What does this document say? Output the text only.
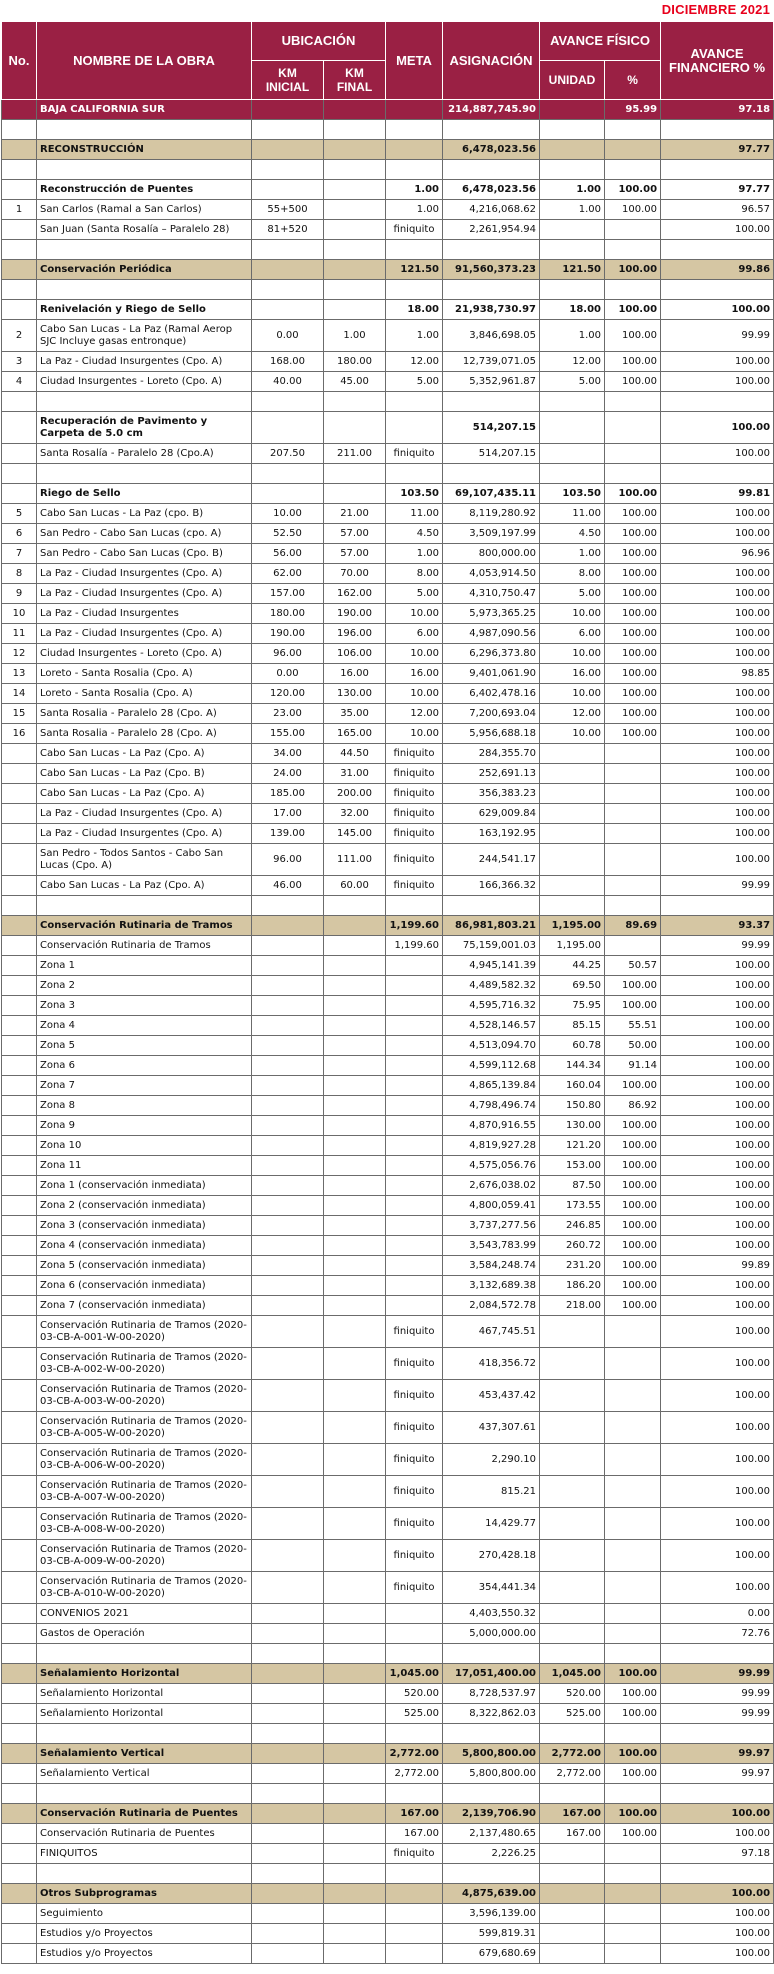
DICIEMBRE 2021
No.	NOMBRE DE LA OBRA	UBICACIÓN		META	ASIGNACIÓN	AVANCE FÍSICO		AVANCE FINANCIERO %
		KM INICIAL	KM FINAL			UNIDAD	%	
	BAJA CALIFORNIA SUR				214,887,745.90		95.99	97.18

	RECONSTRUCCIÓN				6,478,023.56			97.77

	Reconstrucción de Puentes			1.00	6,478,023.56	1.00	100.00	97.77
1	San Carlos (Ramal a San Carlos)	55+500		1.00	4,216,068.62	1.00	100.00	96.57
	San Juan (Santa Rosalía – Paralelo 28)	81+520		finiquito	2,261,954.94			100.00

	Conservación Periódica			121.50	91,560,373.23	121.50	100.00	99.86

	Renivelación y Riego de Sello			18.00	21,938,730.97	18.00	100.00	100.00
2	Cabo San Lucas - La Paz (Ramal Aerop SJC Incluye gasas entronque)	0.00	1.00	1.00	3,846,698.05	1.00	100.00	99.99
3	La Paz - Ciudad Insurgentes (Cpo. A)	168.00	180.00	12.00	12,739,071.05	12.00	100.00	100.00
4	Ciudad Insurgentes - Loreto (Cpo. A)	40.00	45.00	5.00	5,352,961.87	5.00	100.00	100.00

	Recuperación de Pavimento y Carpeta de 5.0 cm				514,207.15			100.00
	Santa Rosalía - Paralelo 28 (Cpo.A)	207.50	211.00	finiquito	514,207.15			100.00

	Riego de Sello			103.50	69,107,435.11	103.50	100.00	99.81
5	Cabo San Lucas - La Paz (cpo. B)	10.00	21.00	11.00	8,119,280.92	11.00	100.00	100.00
6	San Pedro - Cabo San Lucas (cpo. A)	52.50	57.00	4.50	3,509,197.99	4.50	100.00	100.00
7	San Pedro - Cabo San Lucas (Cpo. B)	56.00	57.00	1.00	800,000.00	1.00	100.00	96.96
8	La Paz - Ciudad Insurgentes (Cpo. A)	62.00	70.00	8.00	4,053,914.50	8.00	100.00	100.00
9	La Paz - Ciudad Insurgentes (Cpo. A)	157.00	162.00	5.00	4,310,750.47	5.00	100.00	100.00
10	La Paz - Ciudad Insurgentes	180.00	190.00	10.00	5,973,365.25	10.00	100.00	100.00
11	La Paz - Ciudad Insurgentes (Cpo. A)	190.00	196.00	6.00	4,987,090.56	6.00	100.00	100.00
12	Ciudad Insurgentes - Loreto (Cpo. A)	96.00	106.00	10.00	6,296,373.80	10.00	100.00	100.00
13	Loreto - Santa Rosalia (Cpo. A)	0.00	16.00	16.00	9,401,061.90	16.00	100.00	98.85
14	Loreto - Santa Rosalia (Cpo. A)	120.00	130.00	10.00	6,402,478.16	10.00	100.00	100.00
15	Santa Rosalia - Paralelo 28 (Cpo. A)	23.00	35.00	12.00	7,200,693.04	12.00	100.00	100.00
16	Santa Rosalia - Paralelo 28 (Cpo. A)	155.00	165.00	10.00	5,956,688.18	10.00	100.00	100.00
	Cabo San Lucas - La Paz (Cpo. A)	34.00	44.50	finiquito	284,355.70			100.00
	Cabo San Lucas - La Paz (Cpo. B)	24.00	31.00	finiquito	252,691.13			100.00
	Cabo San Lucas - La Paz (Cpo. A)	185.00	200.00	finiquito	356,383.23			100.00
	La Paz - Ciudad Insurgentes (Cpo. A)	17.00	32.00	finiquito	629,009.84			100.00
	La Paz - Ciudad Insurgentes (Cpo. A)	139.00	145.00	finiquito	163,192.95			100.00
	San Pedro - Todos Santos - Cabo San Lucas (Cpo. A)	96.00	111.00	finiquito	244,541.17			100.00
	Cabo San Lucas - La Paz (Cpo. A)	46.00	60.00	finiquito	166,366.32			99.99

	Conservación Rutinaria de Tramos			1,199.60	86,981,803.21	1,195.00	89.69	93.37
	Conservación Rutinaria de Tramos			1,199.60	75,159,001.03	1,195.00		99.99
	Zona 1				4,945,141.39	44.25	50.57	100.00
	Zona 2				4,489,582.32	69.50	100.00	100.00
	Zona 3				4,595,716.32	75.95	100.00	100.00
	Zona 4				4,528,146.57	85.15	55.51	100.00
	Zona 5				4,513,094.70	60.78	50.00	100.00
	Zona 6				4,599,112.68	144.34	91.14	100.00
	Zona 7				4,865,139.84	160.04	100.00	100.00
	Zona 8				4,798,496.74	150.80	86.92	100.00
	Zona 9				4,870,916.55	130.00	100.00	100.00
	Zona 10				4,819,927.28	121.20	100.00	100.00
	Zona 11				4,575,056.76	153.00	100.00	100.00
	Zona 1 (conservación inmediata)				2,676,038.02	87.50	100.00	100.00
	Zona 2 (conservación inmediata)				4,800,059.41	173.55	100.00	100.00
	Zona 3 (conservación inmediata)				3,737,277.56	246.85	100.00	100.00
	Zona 4 (conservación inmediata)				3,543,783.99	260.72	100.00	100.00
	Zona 5 (conservación inmediata)				3,584,248.74	231.20	100.00	99.89
	Zona 6 (conservación inmediata)				3,132,689.38	186.20	100.00	100.00
	Zona 7 (conservación inmediata)				2,084,572.78	218.00	100.00	100.00
	Conservación Rutinaria de Tramos (2020-03-CB-A-001-W-00-2020)			finiquito	467,745.51			100.00
	Conservación Rutinaria de Tramos (2020-03-CB-A-002-W-00-2020)			finiquito	418,356.72			100.00
	Conservación Rutinaria de Tramos (2020-03-CB-A-003-W-00-2020)			finiquito	453,437.42			100.00
	Conservación Rutinaria de Tramos (2020-03-CB-A-005-W-00-2020)			finiquito	437,307.61			100.00
	Conservación Rutinaria de Tramos (2020-03-CB-A-006-W-00-2020)			finiquito	2,290.10			100.00
	Conservación Rutinaria de Tramos (2020-03-CB-A-007-W-00-2020)			finiquito	815.21			100.00
	Conservación Rutinaria de Tramos (2020-03-CB-A-008-W-00-2020)			finiquito	14,429.77			100.00
	Conservación Rutinaria de Tramos (2020-03-CB-A-009-W-00-2020)			finiquito	270,428.18			100.00
	Conservación Rutinaria de Tramos (2020-03-CB-A-010-W-00-2020)			finiquito	354,441.34			100.00
	CONVENIOS 2021				4,403,550.32			0.00
	Gastos de Operación				5,000,000.00			72.76

	Señalamiento Horizontal			1,045.00	17,051,400.00	1,045.00	100.00	99.99
	Señalamiento Horizontal			520.00	8,728,537.97	520.00	100.00	99.99
	Señalamiento Horizontal			525.00	8,322,862.03	525.00	100.00	99.99

	Señalamiento Vertical			2,772.00	5,800,800.00	2,772.00	100.00	99.97
	Señalamiento Vertical			2,772.00	5,800,800.00	2,772.00	100.00	99.97

	Conservación Rutinaria de Puentes			167.00	2,139,706.90	167.00	100.00	100.00
	Conservación Rutinaria de Puentes			167.00	2,137,480.65	167.00	100.00	100.00
	FINIQUITOS			finiquito	2,226.25			97.18

	Otros Subprogramas				4,875,639.00			100.00
	Seguimiento				3,596,139.00			100.00
	Estudios y/o Proyectos				599,819.31			100.00
	Estudios y/o Proyectos				679,680.69			100.00
